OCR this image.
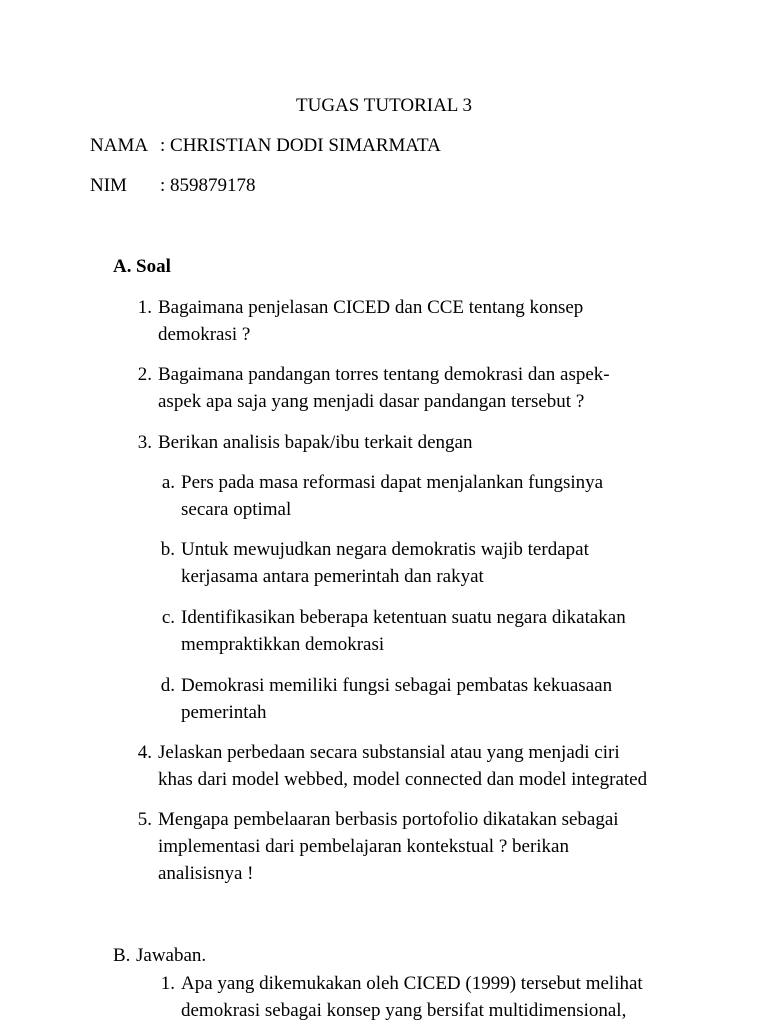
TUGAS TUTORIAL 3
NAMA : CHRISTIAN DODI SIMARMATA
NIM : 859879178
A. Soal
1. Bagaimana penjelasan CICED dan CCE tentang konsep
demokrasi ?
2. Bagaimana pandangan torres tentang demokrasi dan aspek-
aspek apa saja yang menjadi dasar pandangan tersebut ?
3. Berikan analisis bapak/ibu terkait dengan
a. Pers pada masa reformasi dapat menjalankan fungsinya
secara optimal
b. Untuk mewujudkan negara demokratis wajib terdapat
kerjasama antara pemerintah dan rakyat
c. Identifikasikan beberapa ketentuan suatu negara dikatakan
mempraktikkan demokrasi
d. Demokrasi memiliki fungsi sebagai pembatas kekuasaan
pemerintah
4. Jelaskan perbedaan secara substansial atau yang menjadi ciri
khas dari model webbed, model connected dan model integrated
5. Mengapa pembelaaran berbasis portofolio dikatakan sebagai
implementasi dari pembelajaran kontekstual ? berikan
analisisnya !
B. Jawaban.
1. Apa yang dikemukakan oleh CICED (1999) tersebut melihat
demokrasi sebagai konsep yang bersifat multidimensional,
